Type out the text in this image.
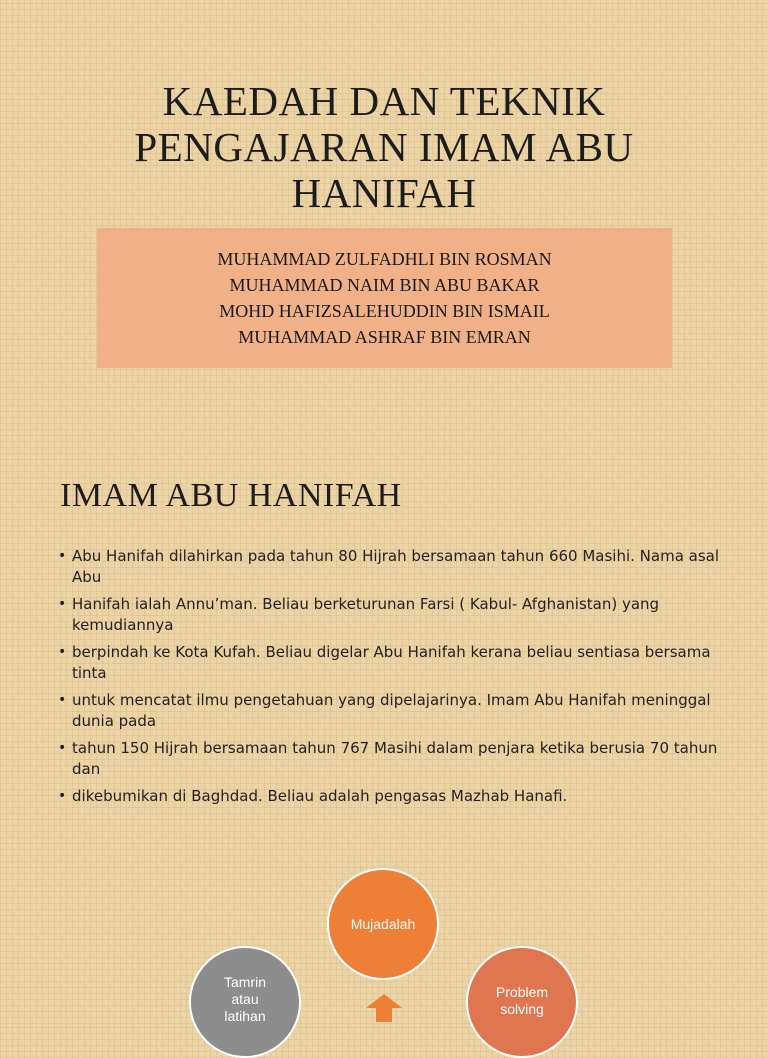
KAEDAH DAN TEKNIK
PENGAJARAN IMAM ABU
HANIFAH
MUHAMMAD ZULFADHLI BIN ROSMAN
MUHAMMAD NAIM BIN ABU BAKAR
MOHD HAFIZSALEHUDDIN BIN ISMAIL
MUHAMMAD ASHRAF BIN EMRAN
IMAM ABU HANIFAH
• Abu Hanifah dilahirkan pada tahun 80 Hijrah bersamaan tahun 660 Masihi. Nama asal Abu
• Hanifah ialah Annu’man. Beliau berketurunan Farsi ( Kabul- Afghanistan) yang kemudiannya
• berpindah ke Kota Kufah. Beliau digelar Abu Hanifah kerana beliau sentiasa bersama tinta
• untuk mencatat ilmu pengetahuan yang dipelajarinya. Imam Abu Hanifah meninggal dunia pada
• tahun 150 Hijrah bersamaan tahun 767 Masihi dalam penjara ketika berusia 70 tahun dan
• dikebumikan di Baghdad. Beliau adalah pengasas Mazhab Hanafi.
Mujadalah
Tamrin
atau
latihan
Problem
solving
